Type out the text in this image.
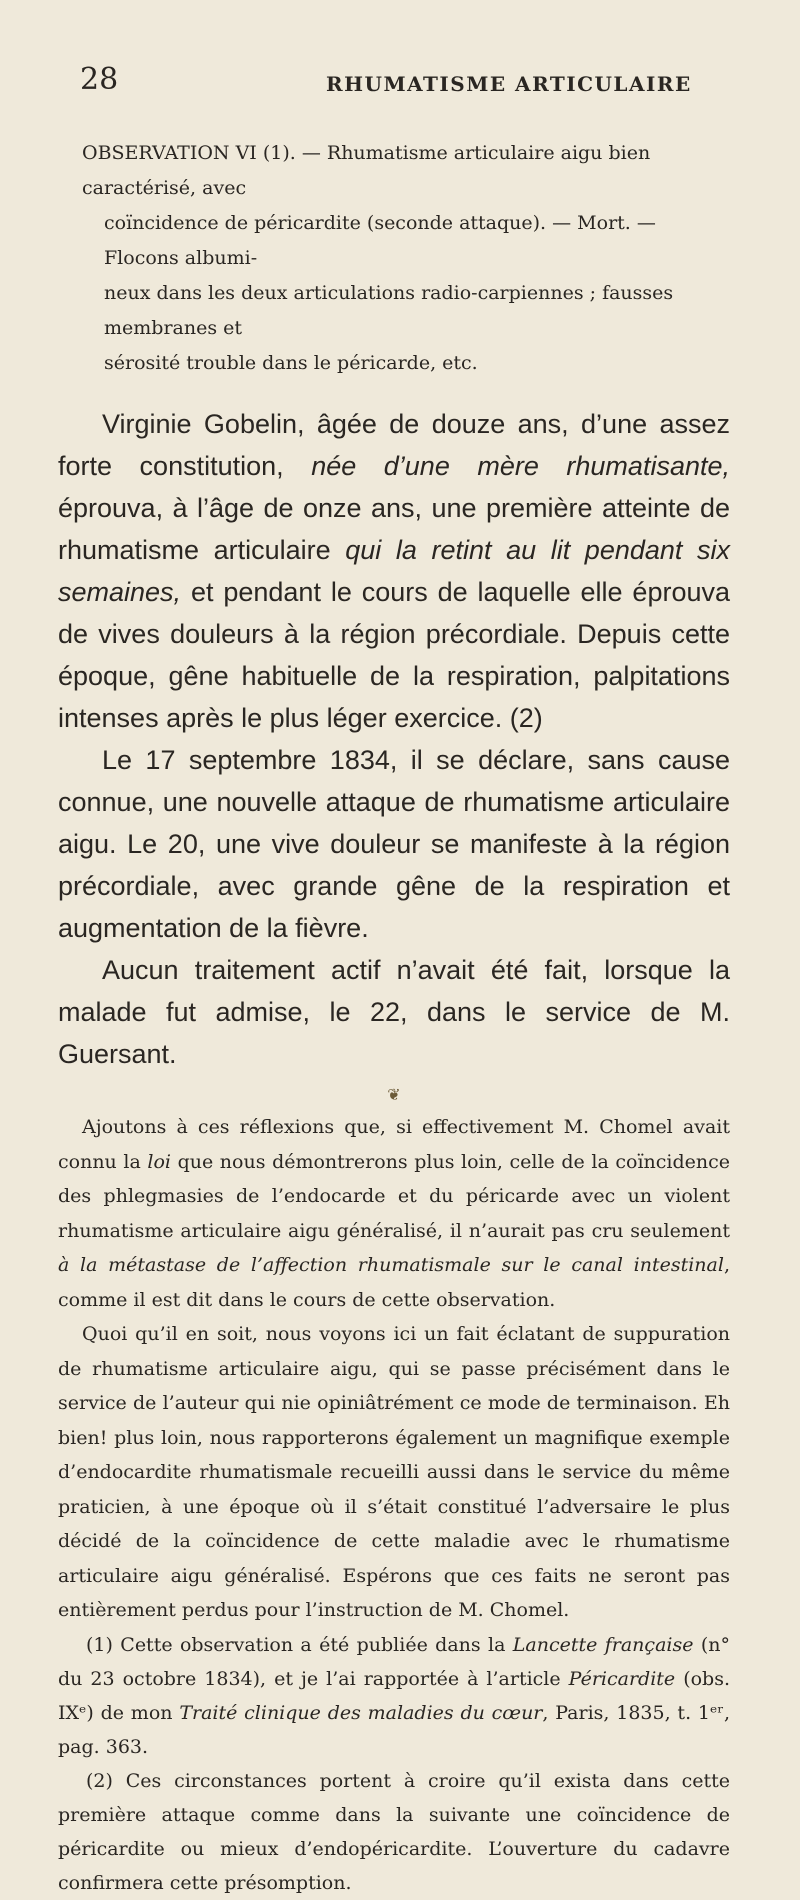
28	RHUMATISME ARTICULAIRE
OBSERVATION VI (1). — Rhumatisme articulaire aigu bien caractérisé, avec
coïncidence de péricardite (seconde attaque). — Mort. — Flocons albumi-
neux dans les deux articulations radio-carpiennes ; fausses membranes et
sérosité trouble dans le péricarde, etc.

Virginie Gobelin, âgée de douze ans, d’une assez forte constitution, née d’une mère rhumatisante, éprouva, à l’âge de onze ans, une première atteinte de rhumatisme articulaire qui la retint au lit pendant six semaines, et pendant le cours de laquelle elle éprouva de vives douleurs à la région précordiale. Depuis cette époque, gêne habituelle de la respiration, palpitations intenses après le plus léger exercice. (2)

Le 17 septembre 1834, il se déclare, sans cause connue, une nouvelle attaque de rhumatisme articulaire aigu. Le 20, une vive douleur se manifeste à la région précordiale, avec grande gêne de la respiration et augmentation de la fièvre.

Aucun traitement actif n’avait été fait, lorsque la malade fut admise, le 22, dans le service de M. Guersant.

❦

Ajoutons à ces réflexions que, si effectivement M. Chomel avait connu la loi que nous démontrerons plus loin, celle de la coïncidence des phlegmasies de l’endocarde et du péricarde avec un violent rhumatisme articulaire aigu généralisé, il n’aurait pas cru seulement à la métastase de l’affection rhumatismale sur le canal intestinal, comme il est dit dans le cours de cette observation.

Quoi qu’il en soit, nous voyons ici un fait éclatant de suppuration de rhumatisme articulaire aigu, qui se passe précisément dans le service de l’auteur qui nie opiniâtrément ce mode de terminaison. Eh bien! plus loin, nous rapporterons également un magnifique exemple d’endocardite rhumatismale recueilli aussi dans le service du même praticien, à une époque où il s’était constitué l’adversaire le plus décidé de la coïncidence de cette maladie avec le rhumatisme articulaire aigu généralisé. Espérons que ces faits ne seront pas entièrement perdus pour l’instruction de M. Chomel.

(1) Cette observation a été publiée dans la Lancette française (n° du 23 octobre 1834), et je l’ai rapportée à l’article Péricardite (obs. IXᵉ) de mon Traité clinique des maladies du cœur, Paris, 1835, t. 1ᵉʳ, pag. 363.

(2) Ces circonstances portent à croire qu’il exista dans cette première attaque comme dans la suivante une coïncidence de péricardite ou mieux d’endopéricardite. L’ouverture du cadavre confirmera cette présomption.
